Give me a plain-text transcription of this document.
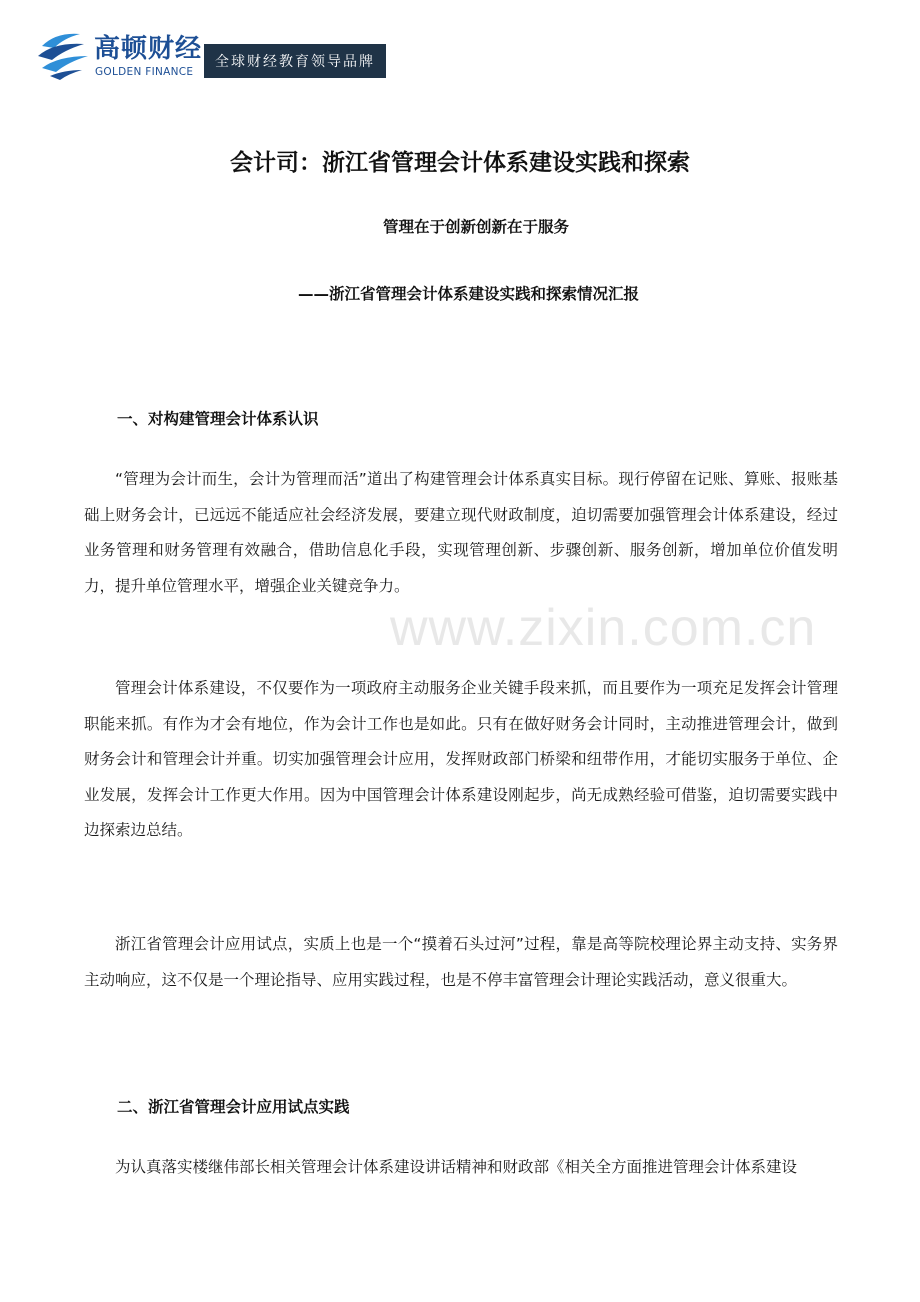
高顿财经
GOLDEN FINANCE
全球财经教育领导品牌
会计司：浙江省管理会计体系建设实践和探索
管理在于创新创新在于服务
——浙江省管理会计体系建设实践和探索情况汇报
一、对构建管理会计体系认识

“管理为会计而生，会计为管理而活”道出了构建管理会计体系真实目标。现行停留在记账、算账、报账基础上财务会计，已远远不能适应社会经济发展，要建立现代财政制度，迫切需要加强管理会计体系建设，经过业务管理和财务管理有效融合，借助信息化手段，实现管理创新、步骤创新、服务创新，增加单位价值发明力，提升单位管理水平，增强企业关键竞争力。

管理会计体系建设，不仅要作为一项政府主动服务企业关键手段来抓，而且要作为一项充足发挥会计管理职能来抓。有作为才会有地位，作为会计工作也是如此。只有在做好财务会计同时，主动推进管理会计，做到财务会计和管理会计并重。切实加强管理会计应用，发挥财政部门桥梁和纽带作用，才能切实服务于单位、企业发展，发挥会计工作更大作用。因为中国管理会计体系建设刚起步，尚无成熟经验可借鉴，迫切需要实践中边探索边总结。

浙江省管理会计应用试点，实质上也是一个“摸着石头过河”过程，靠是高等院校理论界主动支持、实务界主动响应，这不仅是一个理论指导、应用实践过程，也是不停丰富管理会计理论实践活动，意义很重大。

二、浙江省管理会计应用试点实践

为认真落实楼继伟部长相关管理会计体系建设讲话精神和财政部《相关全方面推进管理会计体系建设

www.zixin.com.cn
